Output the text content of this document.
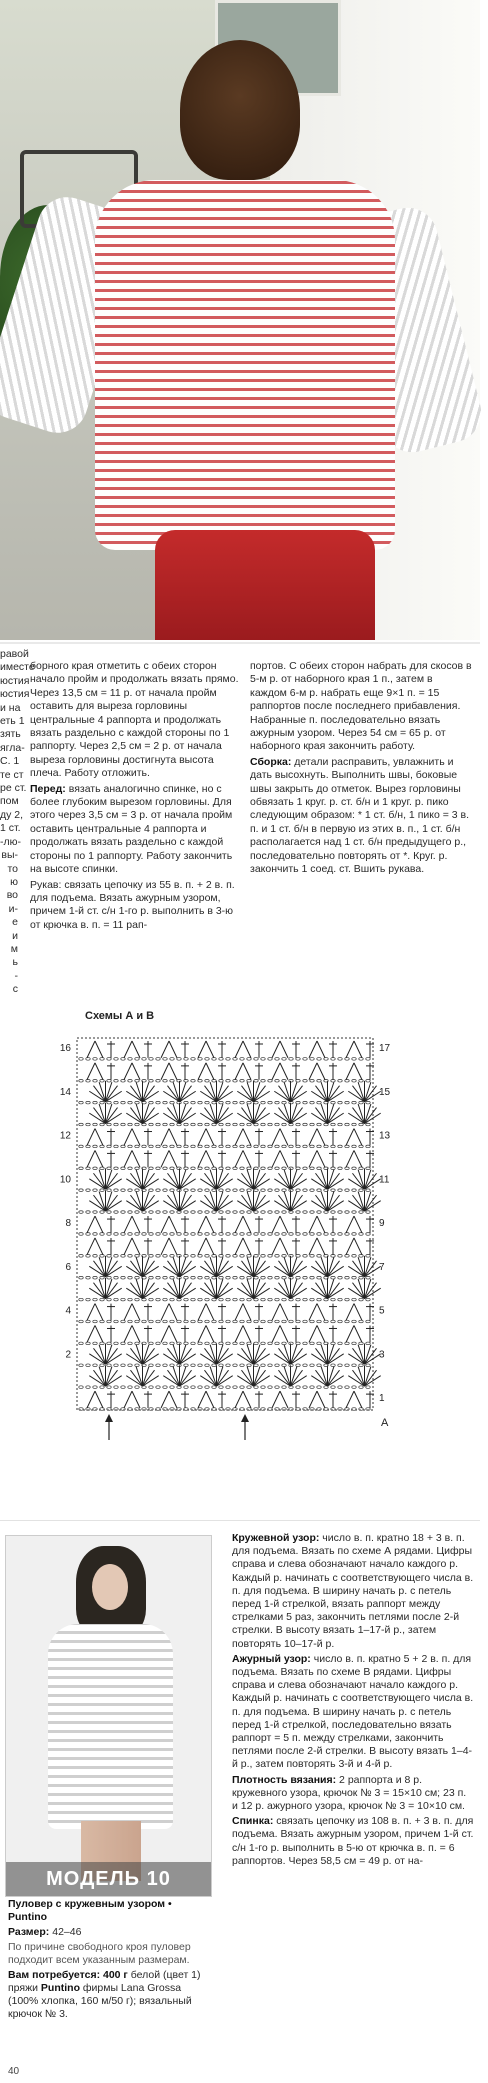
равой
иместе
юстия
юстия
и на
еть 1
зять
ягла-
С. 1
те ст
ре ст.
пом
ду 2,
1 ст.
-лю-
вы-
то
ю
во
и-
е
и
м
ь
-
с

борного края отметить с обеих сторон начало пройм и продолжать вязать прямо. Через 13,5 см = 11 р. от начала пройм оставить для выреза горловины центральные 4 раппорта и продолжать вязать раздельно с каждой стороны по 1 раппорту. Через 2,5 см = 2 р. от начала выреза горловины достигнута высота плеча. Работу отложить.

Перед: вязать аналогично спинке, но с более глубоким вырезом горловины. Для этого через 3,5 см = 3 р. от начала пройм оставить центральные 4 раппорта и продолжать вязать раздельно с каждой стороны по 1 раппорту. Работу закончить на высоте спинки.

Рукав: связать цепочку из 55 в. п. + 2 в. п. для подъема. Вязать ажурным узором, причем 1-й ст. с/н 1-го р. выполнить в 3-ю от крючка в. п. = 11 рап-

портов. С обеих сторон набрать для скосов в 5-м р. от наборного края 1 п., затем в каждом 6-м р. набрать еще 9×1 п. = 15 раппортов после последнего прибавления. Набранные п. последовательно вязать ажурным узором. Через 54 см = 65 р. от наборного края закончить работу.

Сборка: детали расправить, увлажнить и дать высохнуть. Выполнить швы, боковые швы закрыть до отметок. Вырез горловины обвязать 1 круг. р. ст. б/н и 1 круг. р. пико следующим образом: * 1 ст. б/н, 1 пико = 3 в. п. и 1 ст. б/н в первую из этих в. п., 1 ст. б/н располагается над 1 ст. б/н предыдущего р., последовательно повторять от *. Круг. р. закончить 1 соед. ст. Вшить рукава.

Схемы А и В
16
14
12
10
8
6
4
2
17
15
13
11
9
7
5
3
1
A
МОДЕЛЬ 10

Пуловер с кружевным узором • Puntino

Размер: 42–46

По причине свободного кроя пуловер подходит всем указанным размерам.

Вам потребуется: 400 г белой (цвет 1) пряжи Puntino фирмы Lana Grossa (100% хлопка, 160 м/50 г); вязальный крючок № 3.

Кружевной узор: число в. п. кратно 18 + 3 в. п. для подъема. Вязать по схеме А рядами. Цифры справа и слева обозначают начало каждого р. Каждый р. начинать с соответствующего числа в. п. для подъема. В ширину начать р. с петель перед 1-й стрелкой, вязать раппорт между стрелками 5 раз, закончить петлями после 2-й стрелки. В высоту вязать 1–17-й р., затем повторять 10–17-й р.

Ажурный узор: число в. п. кратно 5 + 2 в. п. для подъема. Вязать по схеме В рядами. Цифры справа и слева обозначают начало каждого р. Каждый р. начинать с соответствующего числа в. п. для подъема. В ширину начать р. с петель перед 1-й стрелкой, последовательно вязать раппорт = 5 п. между стрелками, закончить петлями после 2-й стрелки. В высоту вязать 1–4-й р., затем повторять 3-й и 4-й р.

Плотность вязания: 2 раппорта и 8 р. кружевного узора, крючок № 3 = 15×10 см; 23 п. и 12 р. ажурного узора, крючок № 3 = 10×10 см.

Спинка: связать цепочку из 108 в. п. + 3 в. п. для подъема. Вязать ажурным узором, причем 1-й ст. с/н 1-го р. выполнить в 5-ю от крючка в. п. = 6 раппортов. Через 58,5 см = 49 р. от на-

40
